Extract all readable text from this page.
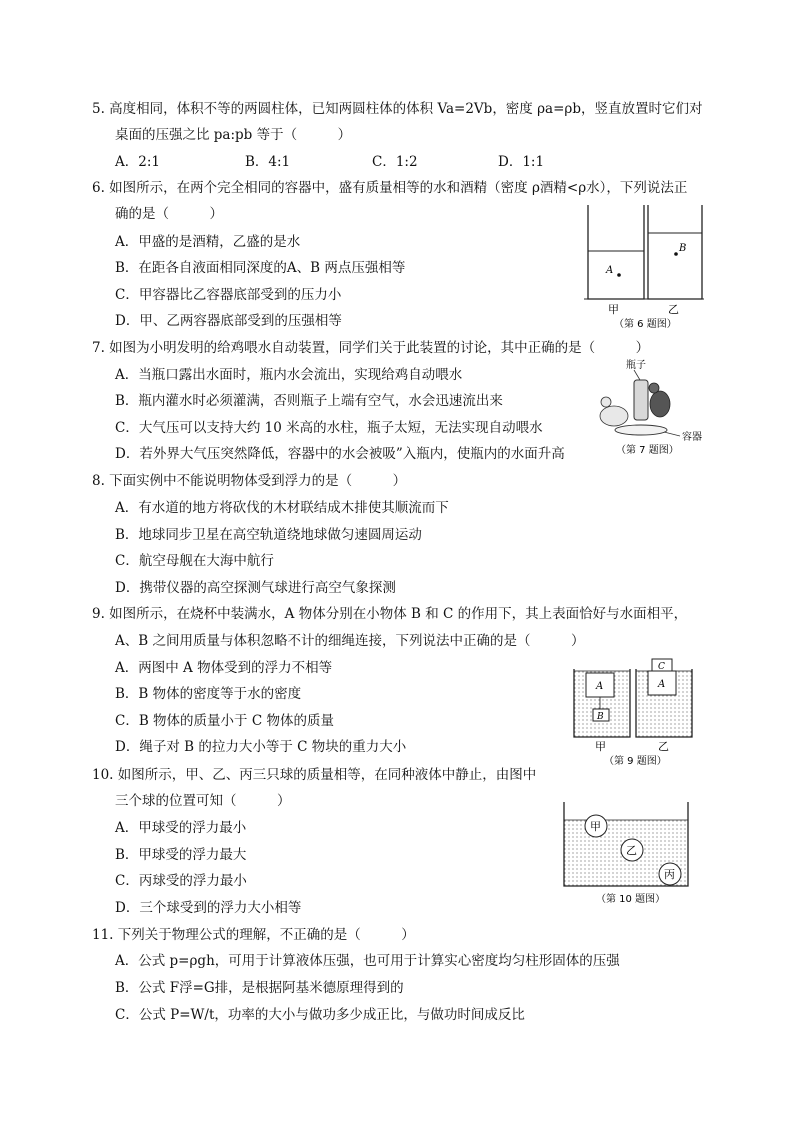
5. 高度相同，体积不等的两圆柱体，已知两圆柱体的体积 Va=2Vb，密度 ρa=ρb，竖直放置时它们对
桌面的压强之比 pa:pb 等于（　　　）
A．2:1	B．4:1	C．1:2	D．1:1
6. 如图所示，在两个完全相同的容器中，盛有质量相等的水和酒精（密度 ρ酒精<ρ水），下列说法正
确的是（　　　）
A．甲盛的是酒精，乙盛的是水
B．在距各自液面相同深度的A、B 两点压强相等
C．甲容器比乙容器底部受到的压力小
D．甲、乙两容器底部受到的压强相等
A
B
甲	乙
（第 6 题图）
7. 如图为小明发明的给鸡喂水自动装置，同学们关于此装置的讨论，其中正确的是（　　　）
A．当瓶口露出水面时，瓶内水会流出，实现给鸡自动喂水
B．瓶内灌水时必须灌满，否则瓶子上端有空气，水会迅速流出来
C．大气压可以支持大约 10 米高的水柱，瓶子太短，无法实现自动喂水
D．若外界大气压突然降低，容器中的水会被吸”入瓶内，使瓶内的水面升高
瓶子
容器
（第 7 题图）
8. 下面实例中不能说明物体受到浮力的是（　　　）
A．有水道的地方将砍伐的木材联结成木排使其顺流而下
B．地球同步卫星在高空轨道绕地球做匀速圆周运动
C．航空母舰在大海中航行
D．携带仪器的高空探测气球进行高空气象探测
9. 如图所示，在烧杯中装满水，A 物体分别在小物体 B 和 C 的作用下，其上表面恰好与水面相平，
A、B 之间用质量与体积忽略不计的细绳连接，下列说法中正确的是（　　　）
A．两图中 A 物体受到的浮力不相等
B．B 物体的密度等于水的密度
C．B 物体的质量小于 C 物体的质量
D．绳子对 B 的拉力大小等于 C 物块的重力大小
A
B
A
C
甲	乙
（第 9 题图）
10. 如图所示，甲、乙、丙三只球的质量相等，在同种液体中静止，由图中
三个球的位置可知（　　　）
A．甲球受的浮力最小
B．甲球受的浮力最大
C．丙球受的浮力最小
D．三个球受到的浮力大小相等
甲
乙
丙
（第 10 题图）
11. 下列关于物理公式的理解，不正确的是（　　　）
A．公式 p=ρgh，可用于计算液体压强，也可用于计算实心密度均匀柱形固体的压强
B．公式 F浮=G排，是根据阿基米德原理得到的
C．公式 P=W/t，功率的大小与做功多少成正比，与做功时间成反比
